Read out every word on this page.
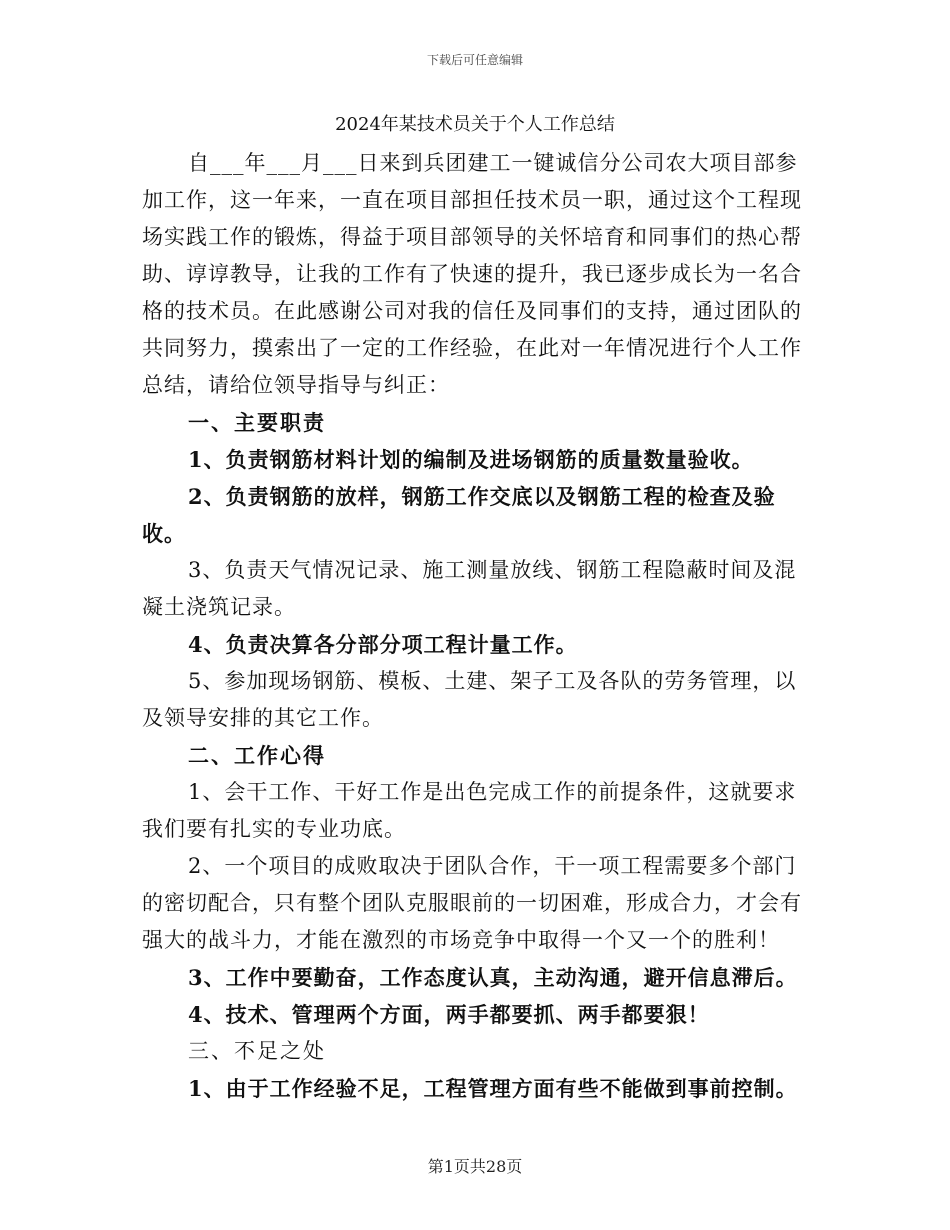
下载后可任意编辑
2024年某技术员关于个人工作总结

自___年___月___日来到兵团建工一键诚信分公司农大项目部参加工作，这一年来，一直在项目部担任技术员一职，通过这个工程现场实践工作的锻炼，得益于项目部领导的关怀培育和同事们的热心帮助、谆谆教导，让我的工作有了快速的提升，我已逐步成长为一名合格的技术员。在此感谢公司对我的信任及同事们的支持，通过团队的共同努力，摸索出了一定的工作经验，在此对一年情况进行个人工作总结，请给位领导指导与纠正：

一、主要职责

1、负责钢筋材料计划的编制及进场钢筋的质量数量验收。

2、负责钢筋的放样，钢筋工作交底以及钢筋工程的检查及验收。

3、负责天气情况记录、施工测量放线、钢筋工程隐蔽时间及混凝土浇筑记录。

4、负责决算各分部分项工程计量工作。

5、参加现场钢筋、模板、土建、架子工及各队的劳务管理，以及领导安排的其它工作。

二、工作心得

1、会干工作、干好工作是出色完成工作的前提条件，这就要求我们要有扎实的专业功底。

2、一个项目的成败取决于团队合作，干一项工程需要多个部门的密切配合，只有整个团队克服眼前的一切困难，形成合力，才会有强大的战斗力，才能在激烈的市场竞争中取得一个又一个的胜利！

3、工作中要勤奋，工作态度认真，主动沟通，避开信息滞后。

4、技术、管理两个方面，两手都要抓、两手都要狠！

三、不足之处

1、由于工作经验不足，工程管理方面有些不能做到事前控制。

第1页共28页
